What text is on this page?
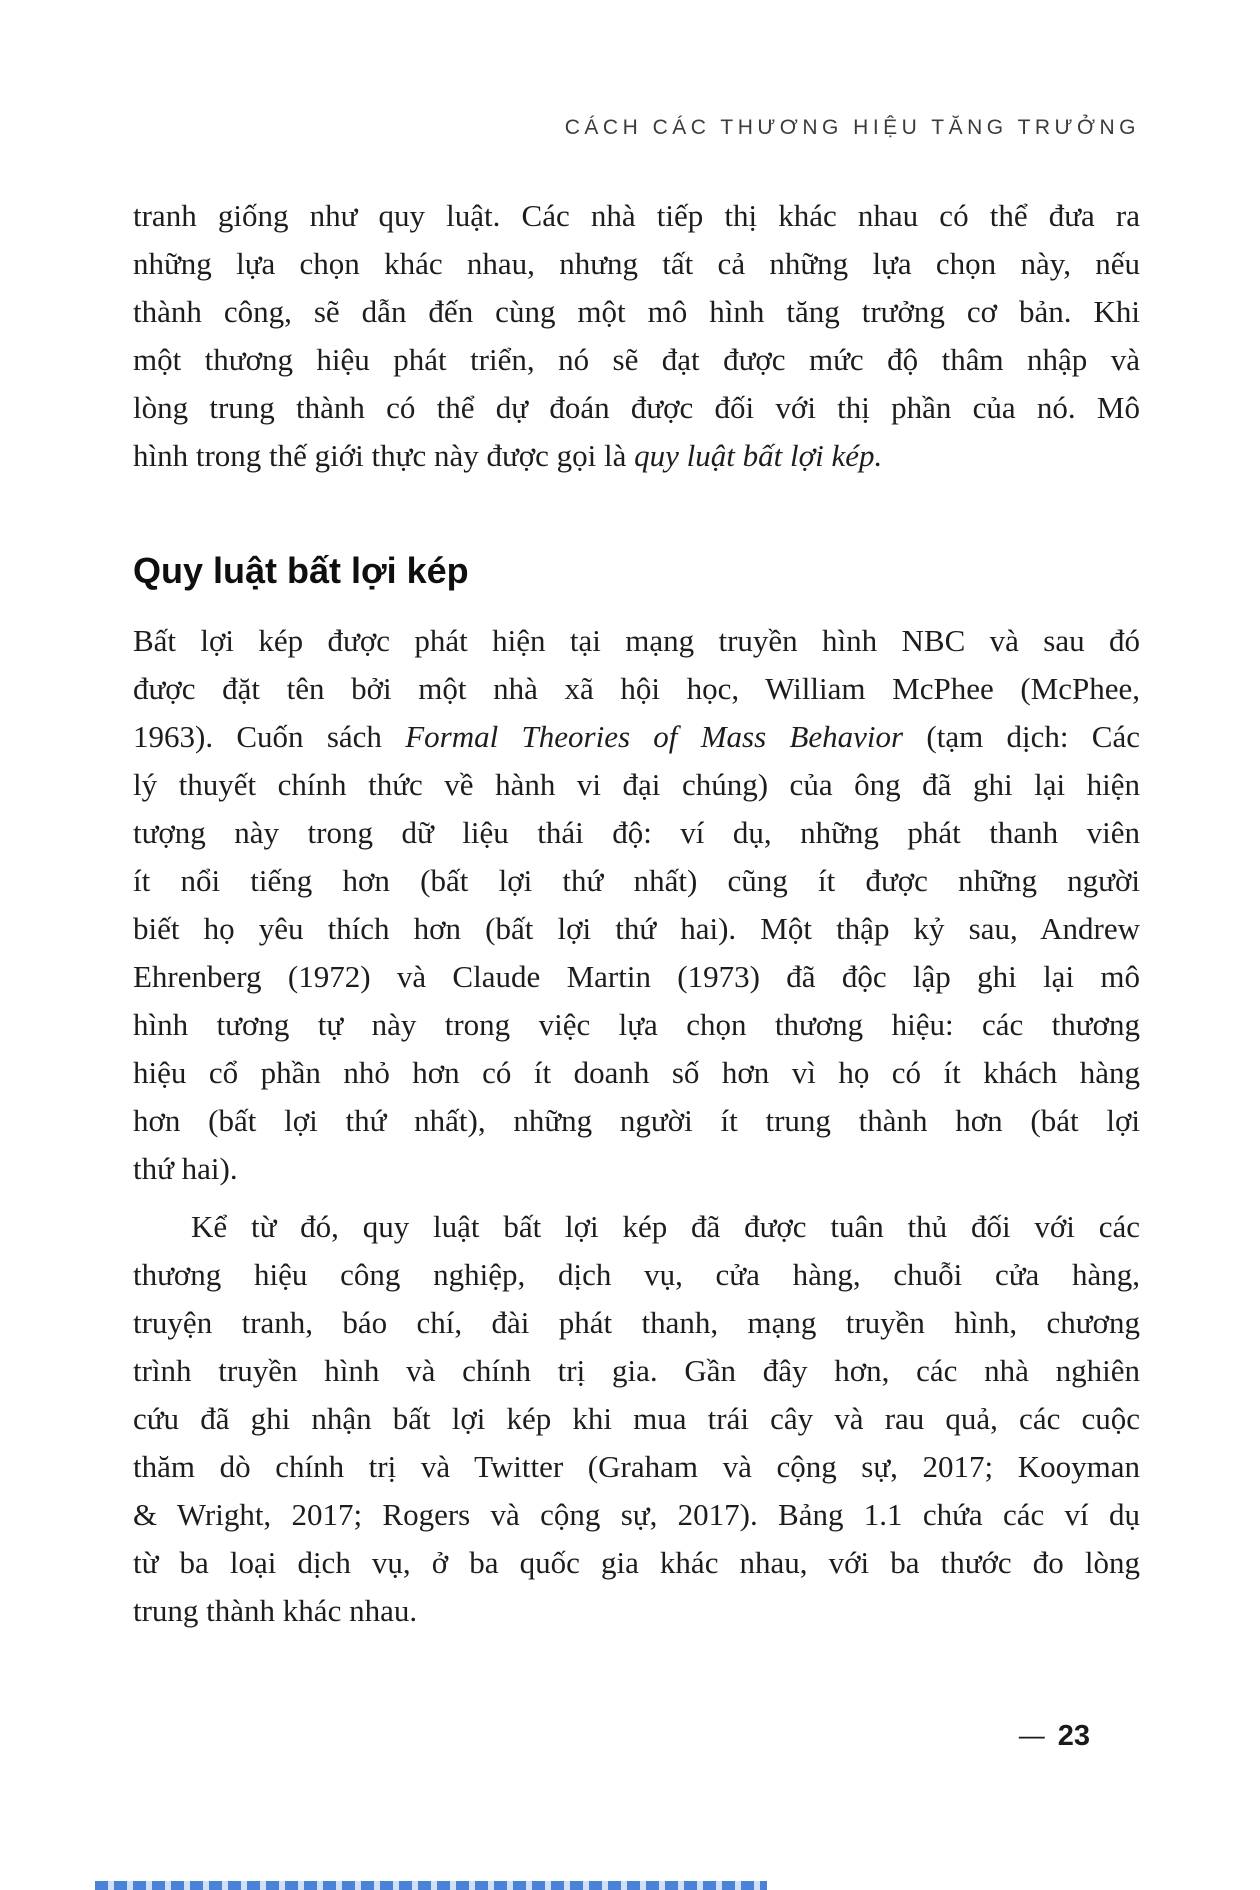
CÁCH CÁC THƯƠNG HIỆU TĂNG TRƯỞNG
tranh giống như quy luật. Các nhà tiếp thị khác nhau có thể đưa ra
những lựa chọn khác nhau, nhưng tất cả những lựa chọn này, nếu
thành công, sẽ dẫn đến cùng một mô hình tăng trưởng cơ bản. Khi
một thương hiệu phát triển, nó sẽ đạt được mức độ thâm nhập và
lòng trung thành có thể dự đoán được đối với thị phần của nó. Mô
hình trong thế giới thực này được gọi là quy luật bất lợi kép.
Quy luật bất lợi kép
Bất lợi kép được phát hiện tại mạng truyền hình NBC và sau đó
được đặt tên bởi một nhà xã hội học, William McPhee (McPhee,
1963). Cuốn sách Formal Theories of Mass Behavior (tạm dịch: Các
lý thuyết chính thức về hành vi đại chúng) của ông đã ghi lại hiện
tượng này trong dữ liệu thái độ: ví dụ, những phát thanh viên
ít nổi tiếng hơn (bất lợi thứ nhất) cũng ít được những người
biết họ yêu thích hơn (bất lợi thứ hai). Một thập kỷ sau, Andrew
Ehrenberg (1972) và Claude Martin (1973) đã độc lập ghi lại mô
hình tương tự này trong việc lựa chọn thương hiệu: các thương
hiệu cổ phần nhỏ hơn có ít doanh số hơn vì họ có ít khách hàng
hơn (bất lợi thứ nhất), những người ít trung thành hơn (bát lợi
thứ hai).
Kể từ đó, quy luật bất lợi kép đã được tuân thủ đối với các
thương hiệu công nghiệp, dịch vụ, cửa hàng, chuỗi cửa hàng,
truyện tranh, báo chí, đài phát thanh, mạng truyền hình, chương
trình truyền hình và chính trị gia. Gần đây hơn, các nhà nghiên
cứu đã ghi nhận bất lợi kép khi mua trái cây và rau quả, các cuộc
thăm dò chính trị và Twitter (Graham và cộng sự, 2017; Kooyman
& Wright, 2017; Rogers và cộng sự, 2017). Bảng 1.1 chứa các ví dụ
từ ba loại dịch vụ, ở ba quốc gia khác nhau, với ba thước đo lòng
trung thành khác nhau.
— 23
